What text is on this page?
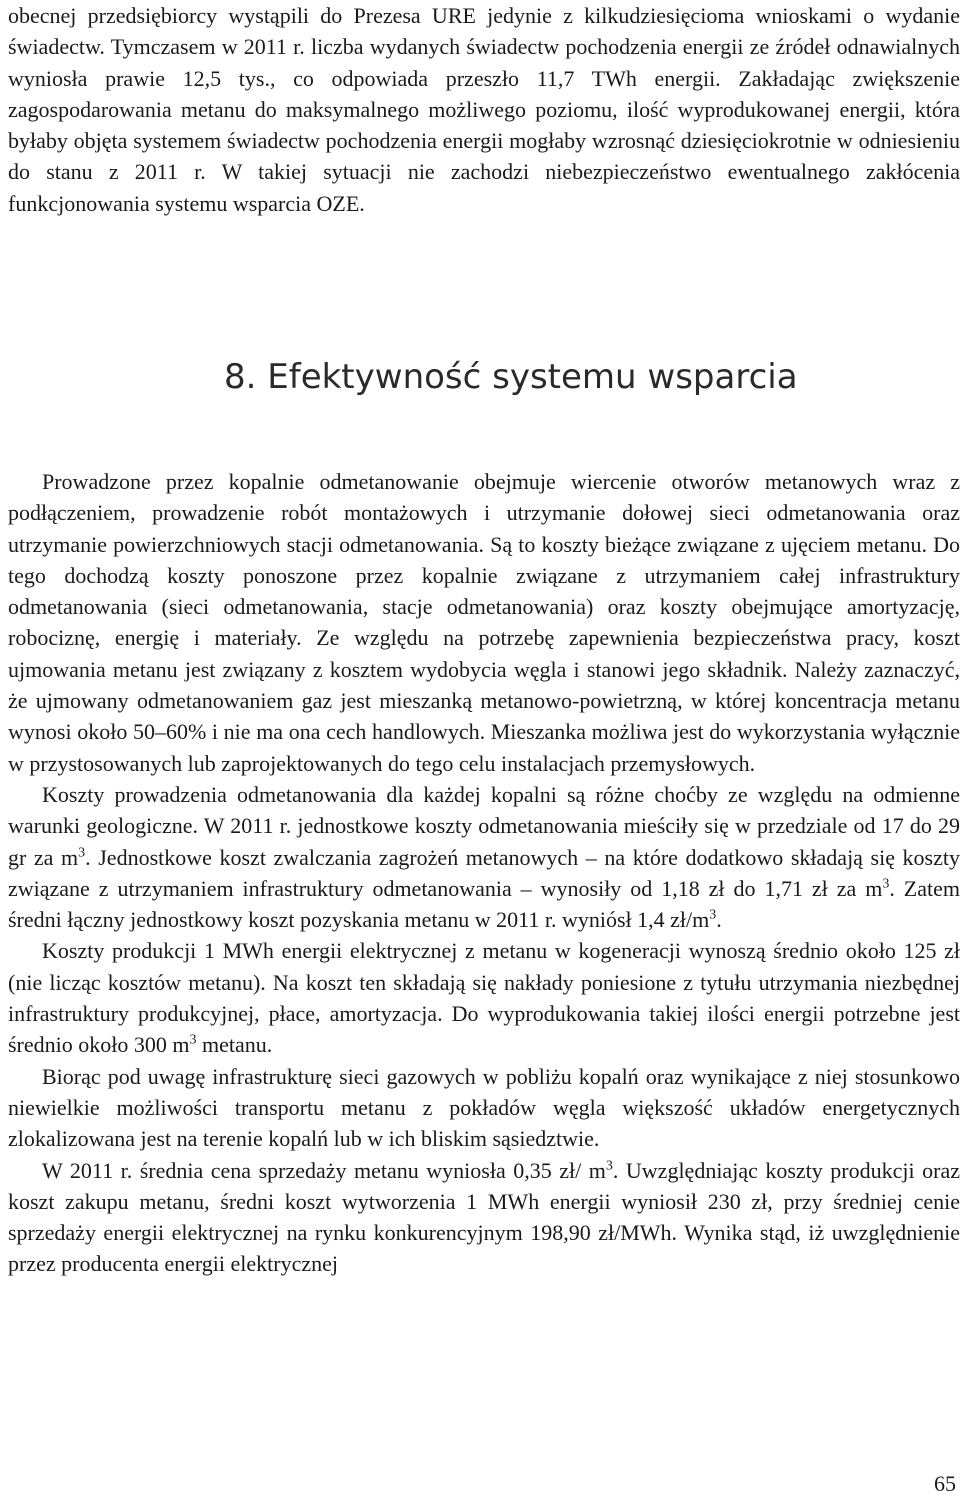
obecnej przedsiębiorcy wystąpili do Prezesa URE jedynie z kilkudziesięcioma wnioskami o wydanie świadectw. Tymczasem w 2011 r. liczba wydanych świadectw pochodzenia energii ze źródeł odnawialnych wyniosła prawie 12,5 tys., co odpowiada przeszło 11,7 TWh energii. Zakładając zwiększenie zagospodarowania metanu do maksymalnego możliwego poziomu, ilość wyprodukowanej energii, która byłaby objęta systemem świadectw pochodzenia energii mogłaby wzrosnąć dziesięciokrotnie w odniesieniu do stanu z 2011 r. W takiej sytuacji nie zachodzi niebezpieczeństwo ewentualnego zakłócenia funkcjonowania systemu wsparcia OZE.

8. Efektywność systemu wsparcia

Prowadzone przez kopalnie odmetanowanie obejmuje wiercenie otworów metanowych wraz z podłączeniem, prowadzenie robót montażowych i utrzymanie dołowej sieci odmetanowania oraz utrzymanie powierzchniowych stacji odmetanowania. Są to koszty bieżące związane z ujęciem metanu. Do tego dochodzą koszty ponoszone przez kopalnie związane z utrzymaniem całej infrastruktury odmetanowania (sieci odmetanowania, stacje odmetanowania) oraz koszty obejmujące amortyzację, robociznę, energię i materiały. Ze względu na potrzebę zapewnienia bezpieczeństwa pracy, koszt ujmowania metanu jest związany z kosztem wydobycia węgla i stanowi jego składnik. Należy zaznaczyć, że ujmowany odmetanowaniem gaz jest mieszanką metanowo-powietrzną, w której koncentracja metanu wynosi około 50–60% i nie ma ona cech handlowych. Mieszanka możliwa jest do wykorzystania wyłącznie w przystosowanych lub zaprojektowanych do tego celu instalacjach przemysłowych.

Koszty prowadzenia odmetanowania dla każdej kopalni są różne choćby ze względu na odmienne warunki geologiczne. W 2011 r. jednostkowe koszty odmetanowania mieściły się w przedziale od 17 do 29 gr za $m^3$. Jednostkowe koszt zwalczania zagrożeń metanowych – na które dodatkowo składają się koszty związane z utrzymaniem infrastruktury odmetanowania – wynosiły od 1,18 zł do 1,71 zł za $m^3$. Zatem średni łączny jednostkowy koszt pozyskania metanu w 2011 r. wyniósł 1,4 $zł/m^3$.

Koszty produkcji 1 MWh energii elektrycznej z metanu w kogeneracji wynoszą średnio około 125 zł (nie licząc kosztów metanu). Na koszt ten składają się nakłady poniesione z tytułu utrzymania niezbędnej infrastruktury produkcyjnej, płace, amortyzacja. Do wyprodukowania takiej ilości energii potrzebne jest średnio około 300 $m^3$ metanu.

Biorąc pod uwagę infrastrukturę sieci gazowych w pobliżu kopalń oraz wynikające z niej stosunkowo niewielkie możliwości transportu metanu z pokładów węgla większość układów energetycznych zlokalizowana jest na terenie kopalń lub w ich bliskim sąsiedztwie.

W 2011 r. średnia cena sprzedaży metanu wyniosła 0,35 zł/ $m^3$. Uwzględniając koszty produkcji oraz koszt zakupu metanu, średni koszt wytworzenia 1 MWh energii wyniosił 230 zł, przy średniej cenie sprzedaży energii elektrycznej na rynku konkurencyjnym 198,90 zł/MWh. Wynika stąd, iż uwzględnienie przez producenta energii elektrycznej

65
